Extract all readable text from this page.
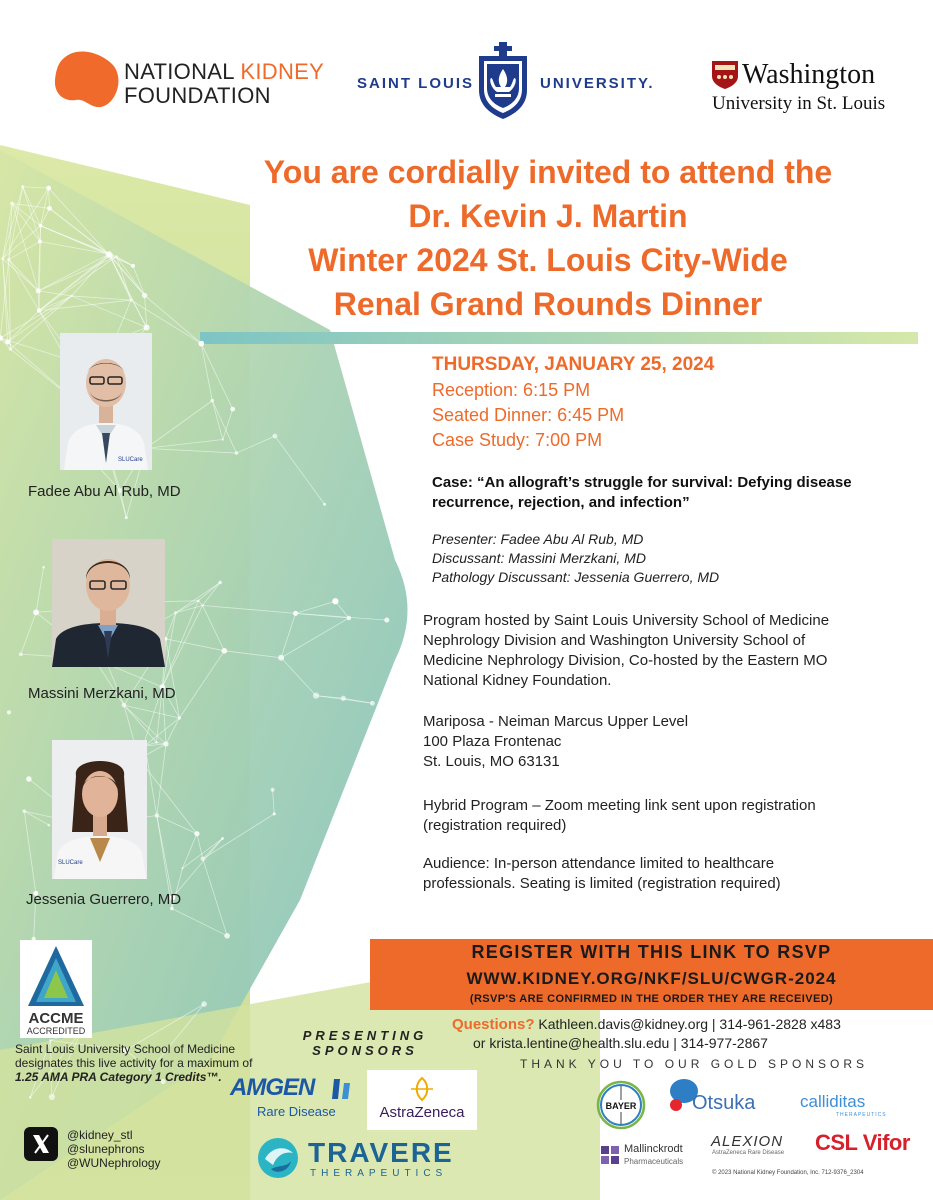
NATIONAL KIDNEY
FOUNDATION	SAINT LOUIS	UNIVERSITY.	Washington
University in St. Louis
You are cordially invited to attend the
Dr. Kevin J. Martin
Winter 2024 St. Louis City-Wide
Renal Grand Rounds Dinner
THURSDAY, JANUARY 25, 2024
Reception: 6:15 PM
Seated Dinner: 6:45 PM
Case Study: 7:00 PM
Case: “An allograft’s struggle for survival: Defying disease
recurrence, rejection, and infection”
Presenter: Fadee Abu Al Rub, MD
Discussant: Massini Merzkani, MD
Pathology Discussant: Jessenia Guerrero, MD
Program hosted by Saint Louis University School of Medicine
Nephrology Division and Washington University School of
Medicine Nephrology Division, Co-hosted by the Eastern MO
National Kidney Foundation.
Mariposa - Neiman Marcus Upper Level
100 Plaza Frontenac
St. Louis, MO 63131
Hybrid Program – Zoom meeting link sent upon registration
(registration required)
Audience: In-person attendance limited to healthcare
professionals. Seating is limited (registration required)
SLUCare
Fadee Abu Al Rub, MD
Massini Merzkani, MD
SLUCare
Jessenia Guerrero, MD
REGISTER WITH THIS LINK TO RSVP
WWW.KIDNEY.ORG/NKF/SLU/CWGR-2024
(RSVP'S ARE CONFIRMED IN THE ORDER THEY ARE RECEIVED)
Questions? Kathleen.davis@kidney.org | 314-961-2828 x483
or krista.lentine@health.slu.edu | 314-977-2867
THANK YOU TO OUR GOLD SPONSORS
BAYER	Otsuka	calliditas
THERAPEUTICS
Mallinckrodt
Pharmaceuticals
ALEXION
AstraZeneca Rare Disease CSL Vifor
© 2023 National Kidney Foundation, Inc. 712-9376_2304
ACCME
ACCREDITED
Saint Louis University School of Medicine designates this live activity for a maximum of 1.25 AMA PRA Category 1 Credits™.
PRESENTING
SPONSORS
AMGEN
Rare Disease	AstraZeneca
TRAVERE
THERAPEUTICS
@kidney_stl
@slunephrons
@WUNephrology
